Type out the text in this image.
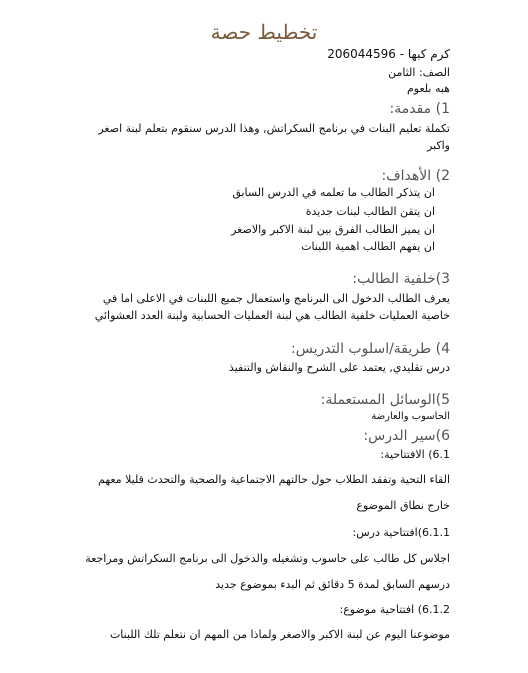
تخطيط حصة
كرم كبها - 206044596
الصف: الثامن
هبه بلعوم
1) مقدمة:
تكملة تعليم البنات في برنامج السكراتش, وهذا الدرس سنقوم بتعلم لبنة اصغر واكبر
2) الأهداف:
ان يتذكر الطالب ما تعلمه في الدرس السابق
ان يتقن الطالب لبنات جديدة
ان يميز الطالب الفرق بين لبنة الاكبر والاصغر
ان يفهم الطالب اهمية اللبنات
3)خلفية الطالب:
يعرف الطالب الدخول الى البرنامج واستعمال جميع اللبنات في الاعلى اما في خاصية العمليات خلفية الطالب هي لبنة العمليات الحسابية ولبنة العدد العشوائي
4) طريقة/اسلوب التدريس:
درس تقليدي, يعتمد على الشرح والنقاش والتنفيذ
5)الوسائل المستعملة:
الحاسوب والعارضة
6)سير الدرس:
6.1) الافتتاحية:
القاء التحية وتفقد الطلاب حول حالتهم الاجتماعية والصحية والتحدث قليلا معهم
خارج نطاق الموضوع
6.1.1)افتتاحية درس:
اجلاس كل طالب على حاسوب وتشغيله والدخول الى برنامج السكراتش ومراجعة
درسهم السابق لمدة 5 دقائق ثم البدء بموضوع جديد
6.1.2) افتتاحية موضوع:
موضوعنا اليوم عن لبنة الاكبر والاصغر ولماذا من المهم ان نتعلم تلك اللبنات
